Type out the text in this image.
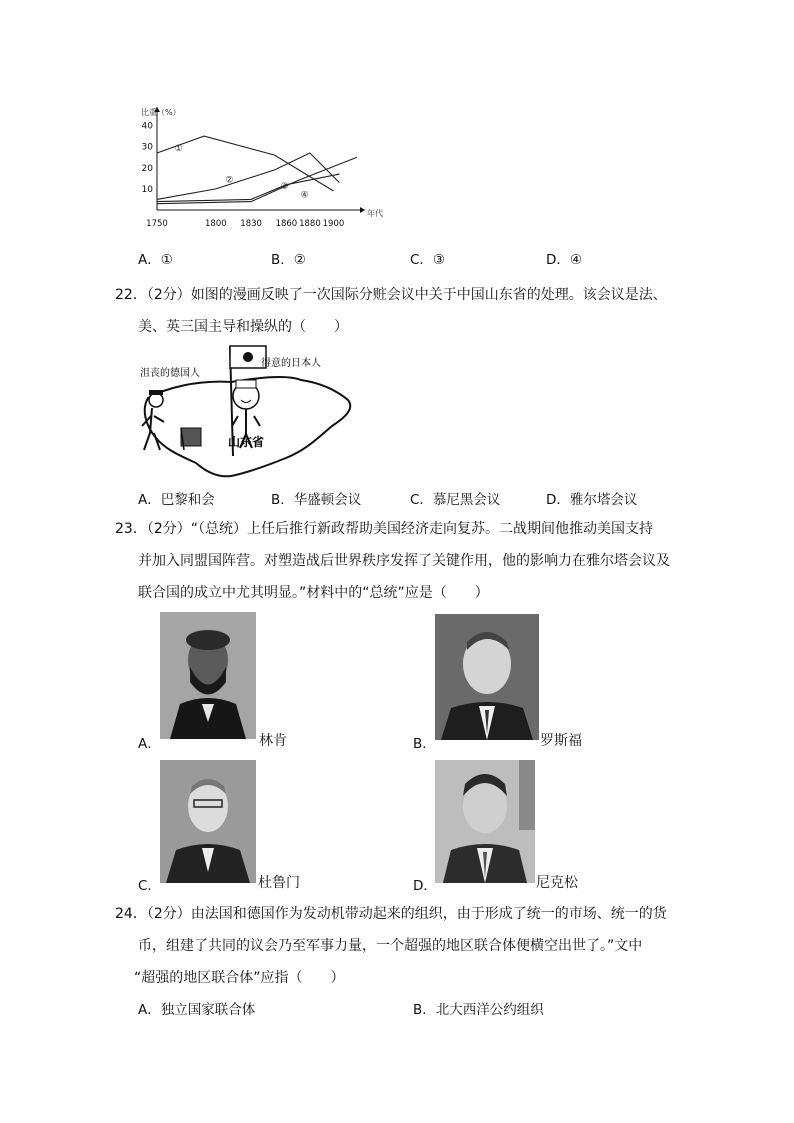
比重（%）
年代
10
20
30
40
1750	1800 1830 1860 1880 1900
①
②
③
④
A．①	B．②	C．③	D．④
22．（2分）如图的漫画反映了一次国际分赃会议中关于中国山东省的处理。该会议是法、
美、英三国主导和操纵的（　　）
沮丧的德国人
得意的日本人
山东省
A．巴黎和会	B．华盛顿会议	C．慕尼黑会议	D．雅尔塔会议
23．（2分）“（总统）上任后推行新政帮助美国经济走向复苏。二战期间他推动美国支持
并加入同盟国阵营。对塑造战后世界秩序发挥了关键作用，他的影响力在雅尔塔会议及
联合国的成立中尤其明显。”材料中的“总统”应是（　　）
A．	林肯	B．	罗斯福
C．	杜鲁门	D．	尼克松
24．（2分）由法国和德国作为发动机带动起来的组织，由于形成了统一的市场、统一的货
币，组建了共同的议会乃至军事力量，一个超强的地区联合体便横空出世了。”文中
“超强的地区联合体”应指（　　）
A．独立国家联合体	B．北大西洋公约组织
